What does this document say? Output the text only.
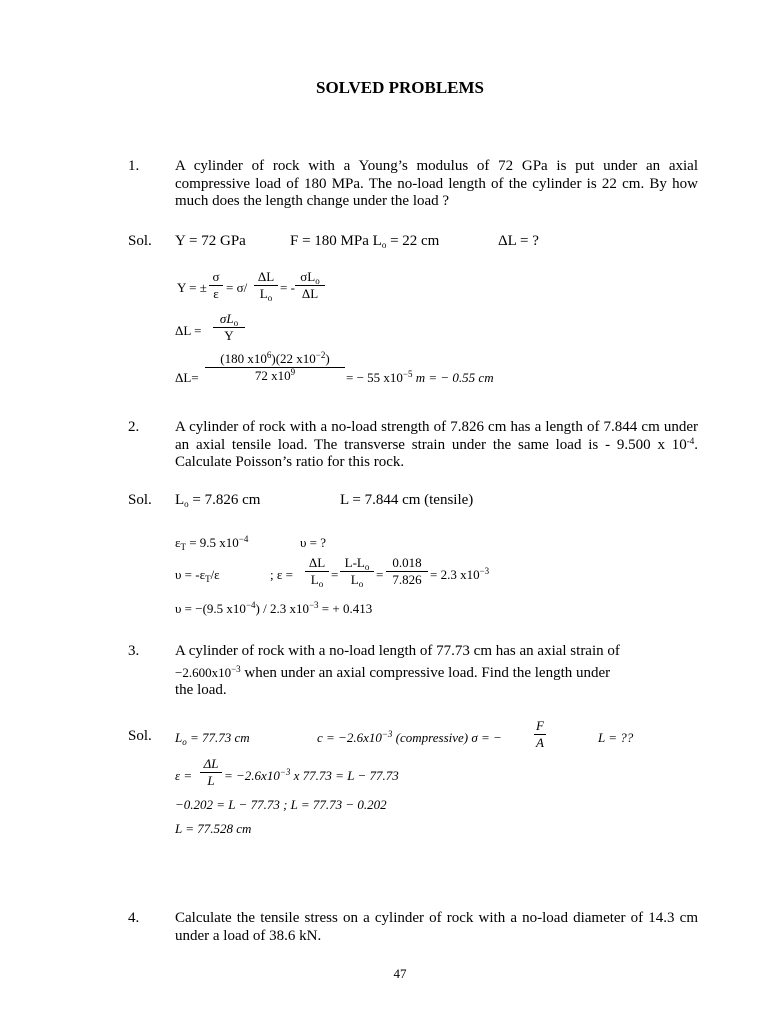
SOLVED PROBLEMS
1. A cylinder of rock with a Young’s modulus of 72 GPa is put under an axial compressive load of 180 MPa. The no-load length of the cylinder is 22 cm. By how much does the length change under the load ?
Sol. Y = 72 GPa	F = 180 MPa $L_o = 22$ cm	ΔL = ?
Y = ±
σ
ε = σ/
ΔL
$L_o$
= -
$\sigma L_o$
ΔL
ΔL =
$\sigma L_o$
Y
ΔL=
(180 $x10^6)(22$ $x10^{-2}$)
72 $x10^9$	= − 55 $x10^{-5}$ m = − 0.55 cm
2. A cylinder of rock with a no-load strength of 7.826 cm has a length of 7.844 cm under an axial tensile load. The transverse strain under the same load is - 9.500 x $10^{-4}$. Calculate Poisson’s ratio for this rock.
Sol. $L_o = 7.826$ cm	L = 7.844 cm (tensile)
$\varepsilon_T = 9.5$ $x10^{-4}$	υ = ?
$\upsilon = -\varepsilon_T/\varepsilon$	; ε =
ΔL
$L_o$
=
$L-L_o$
$L_o$
=
0.018
7.826 = 2.3 $x10^{-3}$
υ = −(9.5 $x10^{-4}) / 2.3$ $x10^{-3}$ = + 0.413
3. A cylinder of rock with a no-load length of 77.73 cm has an axial strain of
$-2.600x10^{-3}$ when under an axial compressive load. Find the length under
the load.
Sol. $L_o = 77.73$ cm	$c = -2.6x10^{-3}$ (compressive) σ = −
F
A	L = ??
ε =
ΔL
$L = -2.6x10^{-3}$ x 77.73 = L − 77.73
−0.202 = L − 77.73 ; L = 77.73 − 0.202
L = 77.528 cm
4. Calculate the tensile stress on a cylinder of rock with a no-load diameter of 14.3 cm under a load of 38.6 kN.
47
